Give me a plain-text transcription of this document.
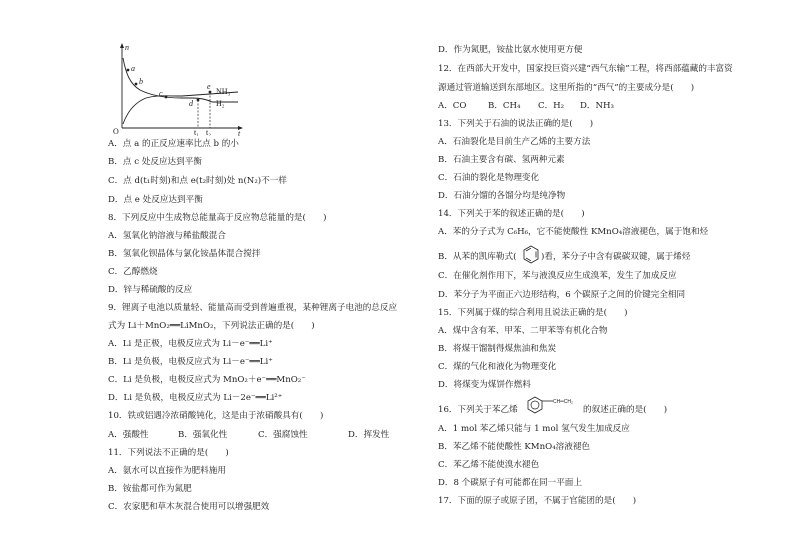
n
t
O
a
b
c
d
e
NH₃
H₂
t₁ t₂
A．点 a 的正反应速率比点 b 的小
B．点 c 处反应达到平衡
C．点 d(t₁时刻)和点 e(t₂时刻)处 n(N₂)不一样
D．点 e 处反应达到平衡
8．下列反应中生成物总能量高于反应物总能量的是(　　)
A．氢氧化钠溶液与稀盐酸混合
B．氢氧化钡晶体与氯化铵晶体混合搅拌
C．乙醇燃烧
D．锌与稀硫酸的反应
9．锂离子电池以质量轻、能量高而受到普遍重视，某种锂离子电池的总反应
式为 Li＋MnO₂══LiMnO₂，下列说法正确的是(　　)
A．Li 是正极，电极反应式为 Li－e⁻══Li⁺
B．Li 是负极，电极反应式为 Li－e⁻══Li⁺
C．Li 是负极，电极反应式为 MnO₂＋e⁻══MnO₂⁻
D．Li 是负极，电极反应式为 Li－2e⁻══Li²⁺
10．铁或铝遇冷浓硝酸钝化，这是由于浓硝酸具有(　　)
A．强酸性	B．强氧化性	C．强腐蚀性	D．挥发性
11．下列说法不正确的是(　　)
A．氨水可以直接作为肥料施用
B．铵盐都可作为氮肥
C．农家肥和草木灰混合使用可以增强肥效
D．作为氮肥，铵盐比氨水使用更方便
12．在西部大开发中，国家投巨资兴建“西气东输”工程，将西部蕴藏的丰富资
源通过管道输送到东部地区。这里所指的“西气”的主要成分是(　　)
A．CO	B．CH₄ C．H₂ D．NH₃
13．下列关于石油的说法正确的是(　　)
A．石油裂化是目前生产乙烯的主要方法
B．石油主要含有碳、氢两种元素
C．石油的裂化是物理变化
D．石油分馏的各馏分均是纯净物
14．下列关于苯的叙述正确的是(　　)
A．苯的分子式为 C₆H₆，它不能使酸性 KMnO₄溶液褪色，属于饱和烃
B．从苯的凯库勒式(	)看，苯分子中含有碳碳双键，属于烯烃
C．在催化剂作用下，苯与液溴反应生成溴苯，发生了加成反应
D．苯分子为平面正六边形结构，6 个碳原子之间的价键完全相同
15．下列属于煤的综合利用且说法正确的是(　　)
A．煤中含有苯、甲苯、二甲苯等有机化合物
B．将煤干馏制得煤焦油和焦炭
C．煤的气化和液化为物理变化
D．将煤变为煤饼作燃料
16．下列关于苯乙烯
CH═CH₂
的叙述正确的是(　　)
A．1 mol 苯乙烯只能与 1 mol 氢气发生加成反应
B．苯乙烯不能使酸性 KMnO₄溶液褪色
C．苯乙烯不能使溴水褪色
D．8 个碳原子有可能都在同一平面上
17．下面的原子或原子团，不属于官能团的是(　　)
